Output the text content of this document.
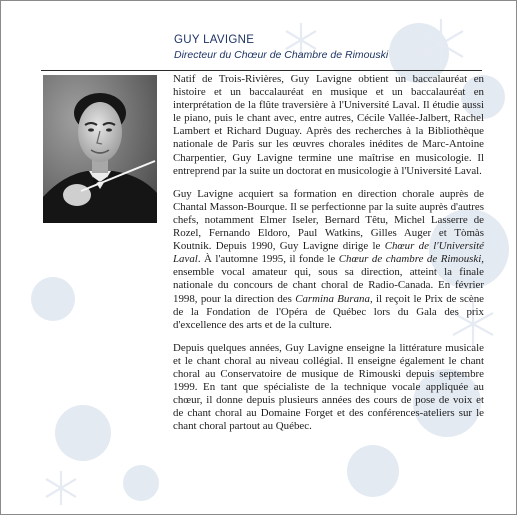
GUY LAVIGNE
Directeur du Chœur de Chambre de Rimouski

Natif de Trois-Rivières, Guy Lavigne obtient un baccalauréat en histoire et un baccalauréat en musique et un baccalauréat en interprétation de la flûte traversière à l'Université Laval. Il étudie aussi le piano, puis le chant avec, entre autres, Cécile Vallée-Jalbert, Rachel Lambert et Richard Duguay. Après des recherches à la Bibliothèque nationale de Paris sur les œuvres chorales inédites de Marc-Antoine Charpentier, Guy Lavigne termine une maîtrise en musicologie. Il entreprend par la suite un doctorat en musicologie à l'Université Laval.

Guy Lavigne acquiert sa formation en direction chorale auprès de Chantal Masson-Bourque. Il se perfectionne par la suite auprès d'autres chefs, notamment Elmer Iseler, Bernard Têtu, Michel Lasserre de Rozel, Fernando Eldoro, Paul Watkins, Gilles Auger et Tòmàs Koutnik. Depuis 1990, Guy Lavigne dirige le Chœur de l'Université Laval. À l'automne 1995, il fonde le Chœur de chambre de Rimouski, ensemble vocal amateur qui, sous sa direction, atteint la finale nationale du concours de chant choral de Radio-Canada. En février 1998, pour la direction des Carmina Burana, il reçoit le Prix de scène de la Fondation de l'Opéra de Québec lors du Gala des prix d'excellence des arts et de la culture.

Depuis quelques années, Guy Lavigne enseigne la littérature musicale et le chant choral au niveau collégial. Il enseigne également le chant choral au Conservatoire de musique de Rimouski depuis septembre 1999. En tant que spécialiste de la technique vocale appliquée au chœur, il donne depuis plusieurs années des cours de pose de voix et de chant choral au Domaine Forget et des conférences-ateliers sur le chant choral partout au Québec.
